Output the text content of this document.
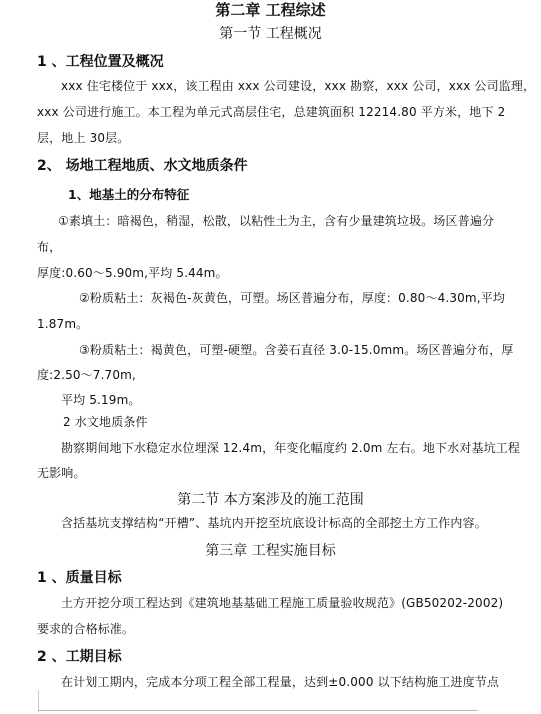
第二章 工程综述
第一节 工程概况
1 、工程位置及概况
xxx 住宅楼位于 xxx，该工程由 xxx 公司建设，xxx 勘察，xxx 公司，xxx 公司监理，
xxx 公司进行施工。本工程为单元式高层住宅，总建筑面积 12214.80 平方米，地下 2
层，地上 30层。
2、 场地工程地质、水文地质条件
1、地基土的分布特征
①素填土：暗褐色，稍湿，松散，以粘性土为主，含有少量建筑垃圾。场区普遍分
布，
厚度:0.60～5.90m,平均 5.44m。
②粉质粘土：灰褐色-灰黄色，可塑。场区普遍分布，厚度：0.80～4.30m,平均
1.87m。
③粉质粘土：褐黄色，可塑-硬塑。含姜石直径 3.0-15.0mm。场区普遍分布，厚
度:2.50～7.70m,
平均 5.19m。
2 水文地质条件
勘察期间地下水稳定水位埋深 12.4m，年变化幅度约 2.0m 左右。地下水对基坑工程
无影响。
第二节 本方案涉及的施工范围
含括基坑支撑结构“开槽”、基坑内开挖至坑底设计标高的全部挖土方工作内容。
第三章 工程实施目标
1 、质量目标
土方开挖分项工程达到《建筑地基基础工程施工质量验收规范》(GB50202-2002)
要求的合格标准。
2 、工期目标
在计划工期内，完成本分项工程全部工程量，达到±0.000 以下结构施工进度节点
